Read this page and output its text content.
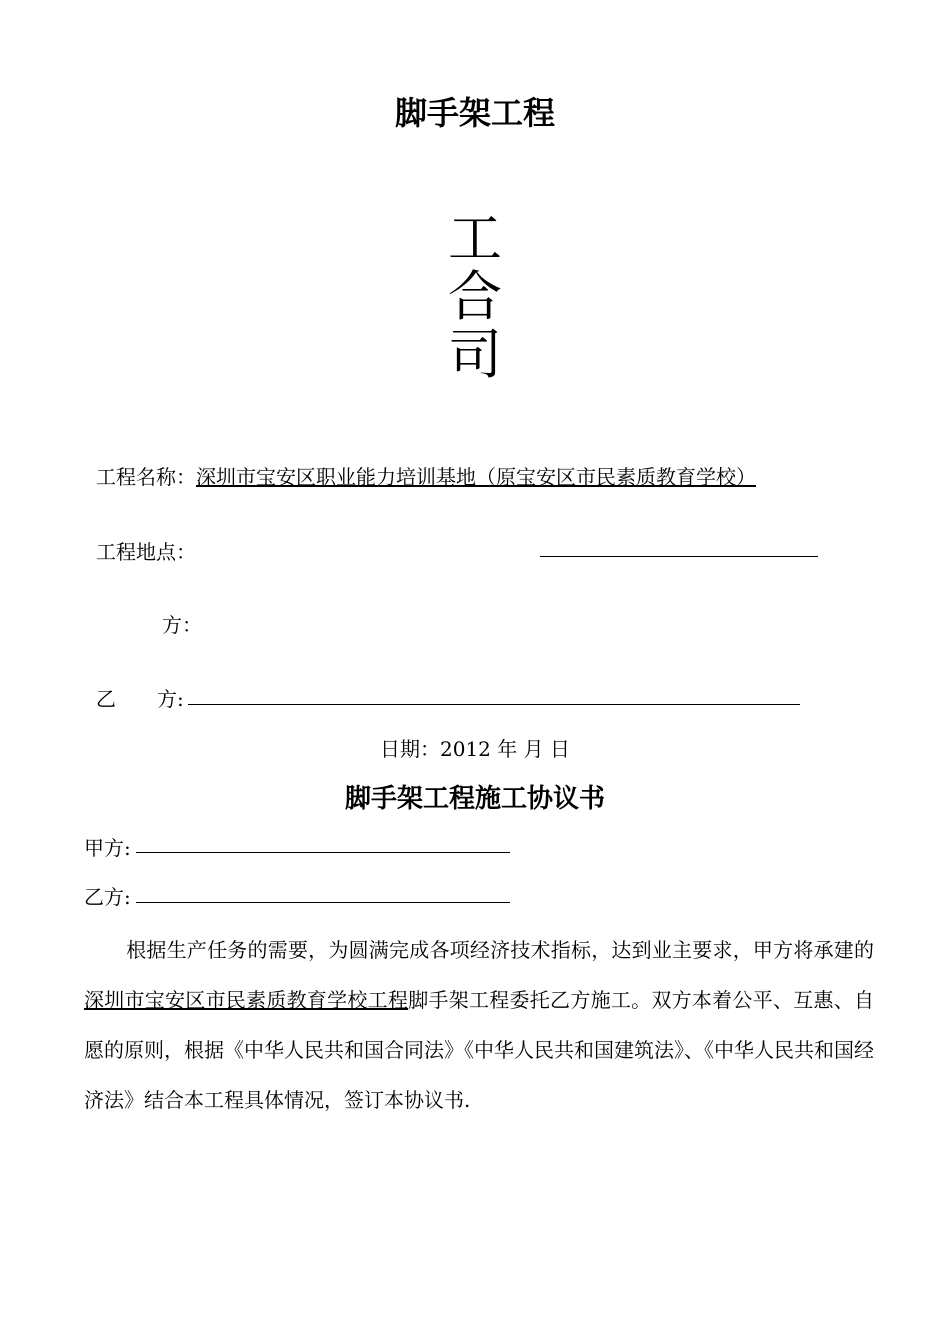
脚手架工程
工
合
司
工程名称：深圳市宝安区职业能力培训基地（原宝安区市民素质教育学校）
工程地点：
方：
乙 方:
日期：2012 年 月 日
脚手架工程施工协议书
甲方:
乙方:
根据生产任务的需要，为圆满完成各项经济技术指标，达到业主要求，甲方将承建的深圳市宝安区市民素质教育学校工程脚手架工程委托乙方施工。双方本着公平、互惠、自愿的原则，根据《中华人民共和国合同法》《中华人民共和国建筑法》、《中华人民共和国经济法》结合本工程具体情况，签订本协议书.
